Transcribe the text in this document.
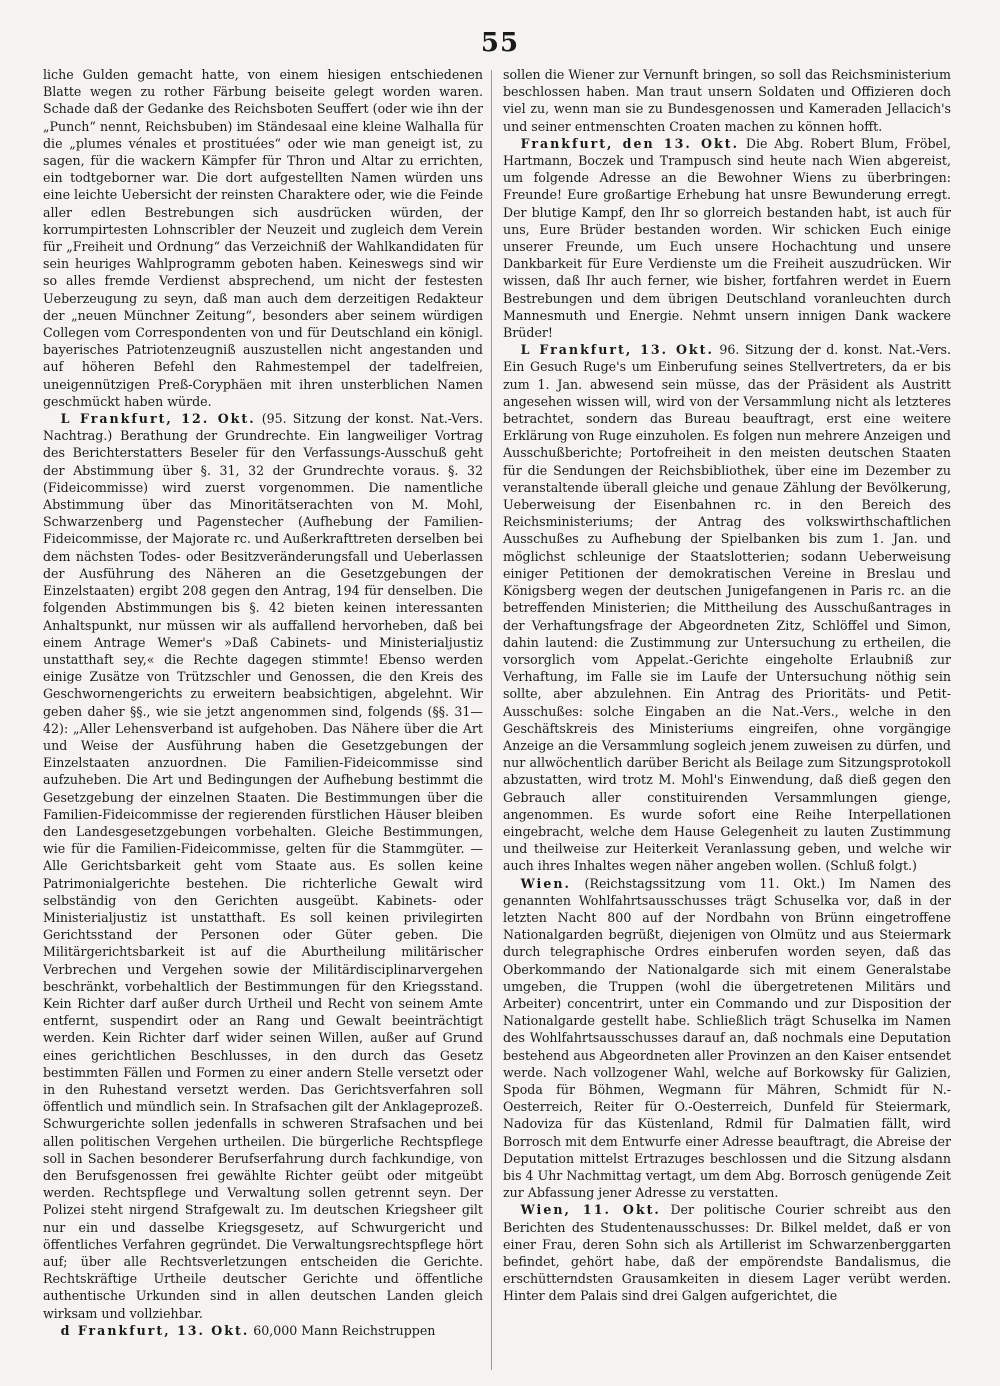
55

liche Gulden gemacht hatte, von einem hiesigen entschiedenen Blatte wegen zu rother Färbung beiseite gelegt worden waren. Schade daß der Gedanke des Reichsboten Seuffert (oder wie ihn der „Punch“ nennt, Reichsbuben) im Ständesaal eine kleine Walhalla für die „plumes vénales et prostituées“ oder wie man geneigt ist, zu sagen, für die wackern Kämpfer für Thron und Altar zu errichten, ein todtgeborner war. Die dort aufgestellten Namen würden uns eine leichte Uebersicht der reinsten Charaktere oder, wie die Feinde aller edlen Bestrebungen sich ausdrücken würden, der korrumpirtesten Lohnscribler der Neuzeit und zugleich dem Verein für „Freiheit und Ordnung“ das Verzeichniß der Wahlkandidaten für sein heuriges Wahlprogramm geboten haben. Keineswegs sind wir so alles fremde Verdienst absprechend, um nicht der festesten Ueberzeugung zu seyn, daß man auch dem derzeitigen Redakteur der „neuen Münchner Zeitung“, besonders aber seinem würdigen Collegen vom Correspondenten von und für Deutschland ein königl. bayerisches Patriotenzeugniß auszustellen nicht angestanden und auf höheren Befehl den Rahmestempel der tadelfreien, uneigennützigen Preß-Coryphäen mit ihren unsterblichen Namen geschmückt haben würde.

L Frankfurt, 12. Okt. (95. Sitzung der konst. Nat.-Vers. Nachtrag.) Berathung der Grundrechte. Ein langweiliger Vortrag des Berichterstatters Beseler für den Verfassungs-Ausschuß geht der Abstimmung über §. 31, 32 der Grundrechte voraus. §. 32 (Fideicommisse) wird zuerst vorgenommen. Die namentliche Abstimmung über das Minoritätserachten von M. Mohl, Schwarzenberg und Pagenstecher (Aufhebung der Familien-Fideicommisse, der Majorate rc. und Außerkrafttreten derselben bei dem nächsten Todes- oder Besitzveränderungsfall und Ueberlassen der Ausführung des Näheren an die Gesetzgebungen der Einzelstaaten) ergibt 208 gegen den Antrag, 194 für denselben. Die folgenden Abstimmungen bis §. 42 bieten keinen interessanten Anhaltspunkt, nur müssen wir als auffallend hervorheben, daß bei einem Antrage Wemer's »Daß Cabinets- und Ministerialjustiz unstatthaft sey,« die Rechte dagegen stimmte! Ebenso werden einige Zusätze von Trützschler und Genossen, die den Kreis des Geschwornengerichts zu erweitern beabsichtigen, abgelehnt. Wir geben daher §§., wie sie jetzt angenommen sind, folgends (§§. 31—42): „Aller Lehensverband ist aufgehoben. Das Nähere über die Art und Weise der Ausführung haben die Gesetzgebungen der Einzelstaaten anzuordnen. Die Familien-Fideicommisse sind aufzuheben. Die Art und Bedingungen der Aufhebung bestimmt die Gesetzgebung der einzelnen Staaten. Die Bestimmungen über die Familien-Fideicommisse der regierenden fürstlichen Häuser bleiben den Landesgesetzgebungen vorbehalten. Gleiche Bestimmungen, wie für die Familien-Fideicommisse, gelten für die Stammgüter. — Alle Gerichtsbarkeit geht vom Staate aus. Es sollen keine Patrimonialgerichte bestehen. Die richterliche Gewalt wird selbständig von den Gerichten ausgeübt. Kabinets- oder Ministerialjustiz ist unstatthaft. Es soll keinen privilegirten Gerichtsstand der Personen oder Güter geben. Die Militärgerichtsbarkeit ist auf die Aburtheilung militärischer Verbrechen und Vergehen sowie der Militärdisciplinarvergehen beschränkt, vorbehaltlich der Bestimmungen für den Kriegsstand. Kein Richter darf außer durch Urtheil und Recht von seinem Amte entfernt, suspendirt oder an Rang und Gewalt beeinträchtigt werden. Kein Richter darf wider seinen Willen, außer auf Grund eines gerichtlichen Beschlusses, in den durch das Gesetz bestimmten Fällen und Formen zu einer andern Stelle versetzt oder in den Ruhestand versetzt werden. Das Gerichtsverfahren soll öffentlich und mündlich sein. In Strafsachen gilt der Anklageprozeß. Schwurgerichte sollen jedenfalls in schweren Strafsachen und bei allen politischen Vergehen urtheilen. Die bürgerliche Rechtspflege soll in Sachen besonderer Berufserfahrung durch fachkundige, von den Berufsgenossen frei gewählte Richter geübt oder mitgeübt werden. Rechtspflege und Verwaltung sollen getrennt seyn. Der Polizei steht nirgend Strafgewalt zu. Im deutschen Kriegsheer gilt nur ein und dasselbe Kriegsgesetz, auf Schwurgericht und öffentliches Verfahren gegründet. Die Verwaltungsrechtspflege hört auf; über alle Rechtsverletzungen entscheiden die Gerichte. Rechtskräftige Urtheile deutscher Gerichte und öffentliche authentische Urkunden sind in allen deutschen Landen gleich wirksam und vollziehbar.

d Frankfurt, 13. Okt. 60,000 Mann Reichstruppen

sollen die Wiener zur Vernunft bringen, so soll das Reichsministerium beschlossen haben. Man traut unsern Soldaten und Offizieren doch viel zu, wenn man sie zu Bundesgenossen und Kameraden Jellacich's und seiner entmenschten Croaten machen zu können hofft.

Frankfurt, den 13. Okt. Die Abg. Robert Blum, Fröbel, Hartmann, Boczek und Trampusch sind heute nach Wien abgereist, um folgende Adresse an die Bewohner Wiens zu überbringen: Freunde! Eure großartige Erhebung hat unsre Bewunderung erregt. Der blutige Kampf, den Ihr so glorreich bestanden habt, ist auch für uns, Eure Brüder bestanden worden. Wir schicken Euch einige unserer Freunde, um Euch unsere Hochachtung und unsere Dankbarkeit für Eure Verdienste um die Freiheit auszudrücken. Wir wissen, daß Ihr auch ferner, wie bisher, fortfahren werdet in Euern Bestrebungen und dem übrigen Deutschland voranleuchten durch Mannesmuth und Energie. Nehmt unsern innigen Dank wackere Brüder!

L Frankfurt, 13. Okt. 96. Sitzung der d. konst. Nat.-Vers. Ein Gesuch Ruge's um Einberufung seines Stellvertreters, da er bis zum 1. Jan. abwesend sein müsse, das der Präsident als Austritt angesehen wissen will, wird von der Versammlung nicht als letzteres betrachtet, sondern das Bureau beauftragt, erst eine weitere Erklärung von Ruge einzuholen. Es folgen nun mehrere Anzeigen und Ausschußberichte; Portofreiheit in den meisten deutschen Staaten für die Sendungen der Reichsbibliothek, über eine im Dezember zu veranstaltende überall gleiche und genaue Zählung der Bevölkerung, Ueberweisung der Eisenbahnen rc. in den Bereich des Reichsministeriums; der Antrag des volkswirthschaftlichen Ausschußes zu Aufhebung der Spielbanken bis zum 1. Jan. und möglichst schleunige der Staatslotterien; sodann Ueberweisung einiger Petitionen der demokratischen Vereine in Breslau und Königsberg wegen der deutschen Junigefangenen in Paris rc. an die betreffenden Ministerien; die Mittheilung des Ausschußantrages in der Verhaftungsfrage der Abgeordneten Zitz, Schlöffel und Simon, dahin lautend: die Zustimmung zur Untersuchung zu ertheilen, die vorsorglich vom Appelat.-Gerichte eingeholte Erlaubniß zur Verhaftung, im Falle sie im Laufe der Untersuchung nöthig sein sollte, aber abzulehnen. Ein Antrag des Prioritäts- und Petit-Ausschußes: solche Eingaben an die Nat.-Vers., welche in den Geschäftskreis des Ministeriums eingreifen, ohne vorgängige Anzeige an die Versammlung sogleich jenem zuweisen zu dürfen, und nur allwöchentlich darüber Bericht als Beilage zum Sitzungsprotokoll abzustatten, wird trotz M. Mohl's Einwendung, daß dieß gegen den Gebrauch aller constituirenden Versammlungen gienge, angenommen. Es wurde sofort eine Reihe Interpellationen eingebracht, welche dem Hause Gelegenheit zu lauten Zustimmung und theilweise zur Heiterkeit Veranlassung geben, und welche wir auch ihres Inhaltes wegen näher angeben wollen. (Schluß folgt.)

Wien. (Reichstagssitzung vom 11. Okt.) Im Namen des genannten Wohlfahrtsausschusses trägt Schuselka vor, daß in der letzten Nacht 800 auf der Nordbahn von Brünn eingetroffene Nationalgarden begrüßt, diejenigen von Olmütz und aus Steiermark durch telegraphische Ordres einberufen worden seyen, daß das Oberkommando der Nationalgarde sich mit einem Generalstabe umgeben, die Truppen (wohl die übergetretenen Militärs und Arbeiter) concentrirt, unter ein Commando und zur Disposition der Nationalgarde gestellt habe. Schließlich trägt Schuselka im Namen des Wohlfahrtsausschusses darauf an, daß nochmals eine Deputation bestehend aus Abgeordneten aller Provinzen an den Kaiser entsendet werde. Nach vollzogener Wahl, welche auf Borkowsky für Galizien, Spoda für Böhmen, Wegmann für Mähren, Schmidt für N.-Oesterreich, Reiter für O.-Oesterreich, Dunfeld für Steiermark, Nadoviza für das Küstenland, Rdmil für Dalmatien fällt, wird Borrosch mit dem Entwurfe einer Adresse beauftragt, die Abreise der Deputation mittelst Ertrazuges beschlossen und die Sitzung alsdann bis 4 Uhr Nachmittag vertagt, um dem Abg. Borrosch genügende Zeit zur Abfassung jener Adresse zu verstatten.

Wien, 11. Okt. Der politische Courier schreibt aus den Berichten des Studentenausschusses: Dr. Bilkel meldet, daß er von einer Frau, deren Sohn sich als Artillerist im Schwarzenberggarten befindet, gehört habe, daß der empörendste Bandalismus, die erschütterndsten Grausamkeiten in diesem Lager verübt werden. Hinter dem Palais sind drei Galgen aufgerichtet, die
